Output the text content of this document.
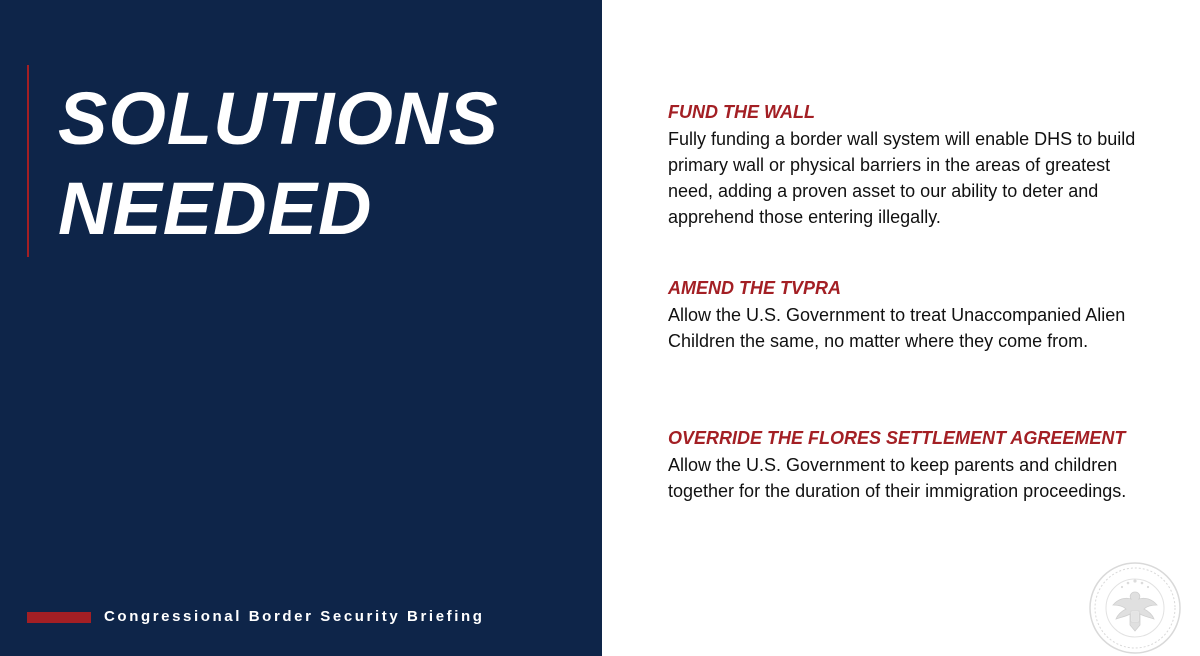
SOLUTIONS
NEEDED
Congressional Border Security Briefing
FUND THE WALL

Fully funding a border wall system will enable DHS to build primary wall or physical barriers in the areas of greatest need, adding a proven asset to our ability to deter and apprehend those entering illegally.

AMEND THE TVPRA

Allow the U.S. Government to treat Unaccompanied Alien Children the same, no matter where they come from.

OVERRIDE THE FLORES SETTLEMENT AGREEMENT

Allow the U.S. Government to keep parents and children together for the duration of their immigration proceedings.
